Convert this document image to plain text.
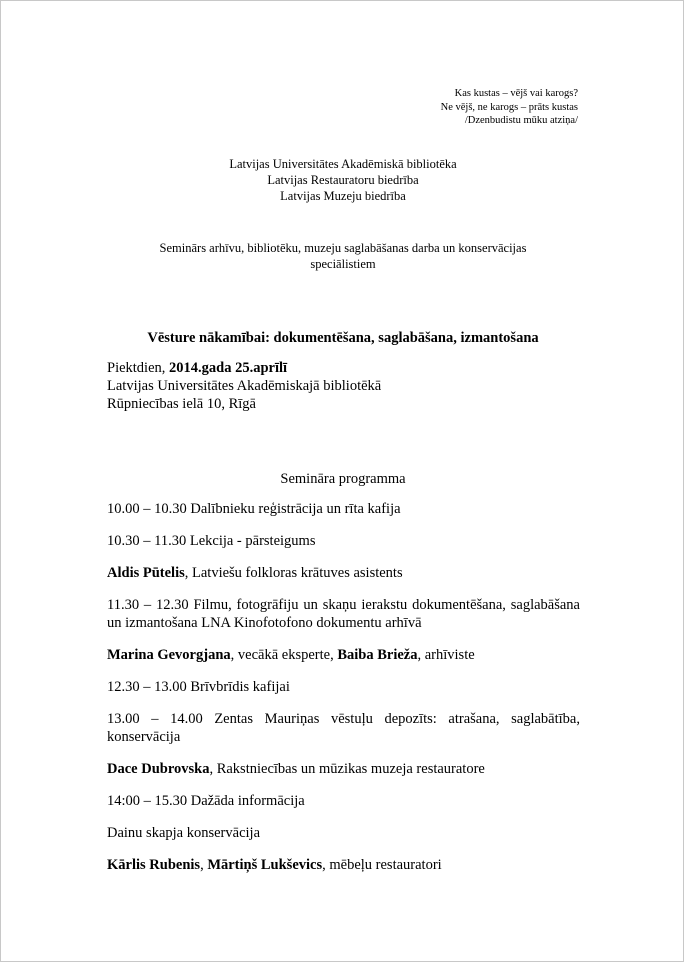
Kas kustas – vējš vai karogs?
Ne vējš, ne karogs – prāts kustas
/Dzenbudistu mūku atziņa/
Latvijas Universitātes Akadēmiskā bibliotēka
Latvijas Restauratoru biedrība
Latvijas Muzeju biedrība
Seminārs arhīvu, bibliotēku, muzeju saglabāšanas darba un konservācijas
speciālistiem
Vēsture nākamībai: dokumentēšana, saglabāšana, izmantošana
Piektdien, 2014.gada 25.aprīlī
Latvijas Universitātes Akadēmiskajā bibliotēkā
Rūpniecības ielā 10, Rīgā
Semināra programma

10.00 – 10.30 Dalībnieku reģistrācija un rīta kafija

10.30 – 11.30 Lekcija - pārsteigums

Aldis Pūtelis, Latviešu folkloras krātuves asistents

11.30 – 12.30 Filmu, fotogrāfiju un skaņu ierakstu dokumentēšana, saglabāšana un izmantošana LNA Kinofotofono dokumentu arhīvā

Marina Gevorgjana, vecākā eksperte, Baiba Brieža, arhīviste

12.30 – 13.00 Brīvbrīdis kafijai

13.00 – 14.00 Zentas Mauriņas vēstuļu depozīts: atrašana, saglabātība, konservācija

Dace Dubrovska, Rakstniecības un mūzikas muzeja restauratore

14:00 – 15.30 Dažāda informācija

Dainu skapja konservācija

Kārlis Rubenis, Mārtiņš Lukševics, mēbeļu restauratori
